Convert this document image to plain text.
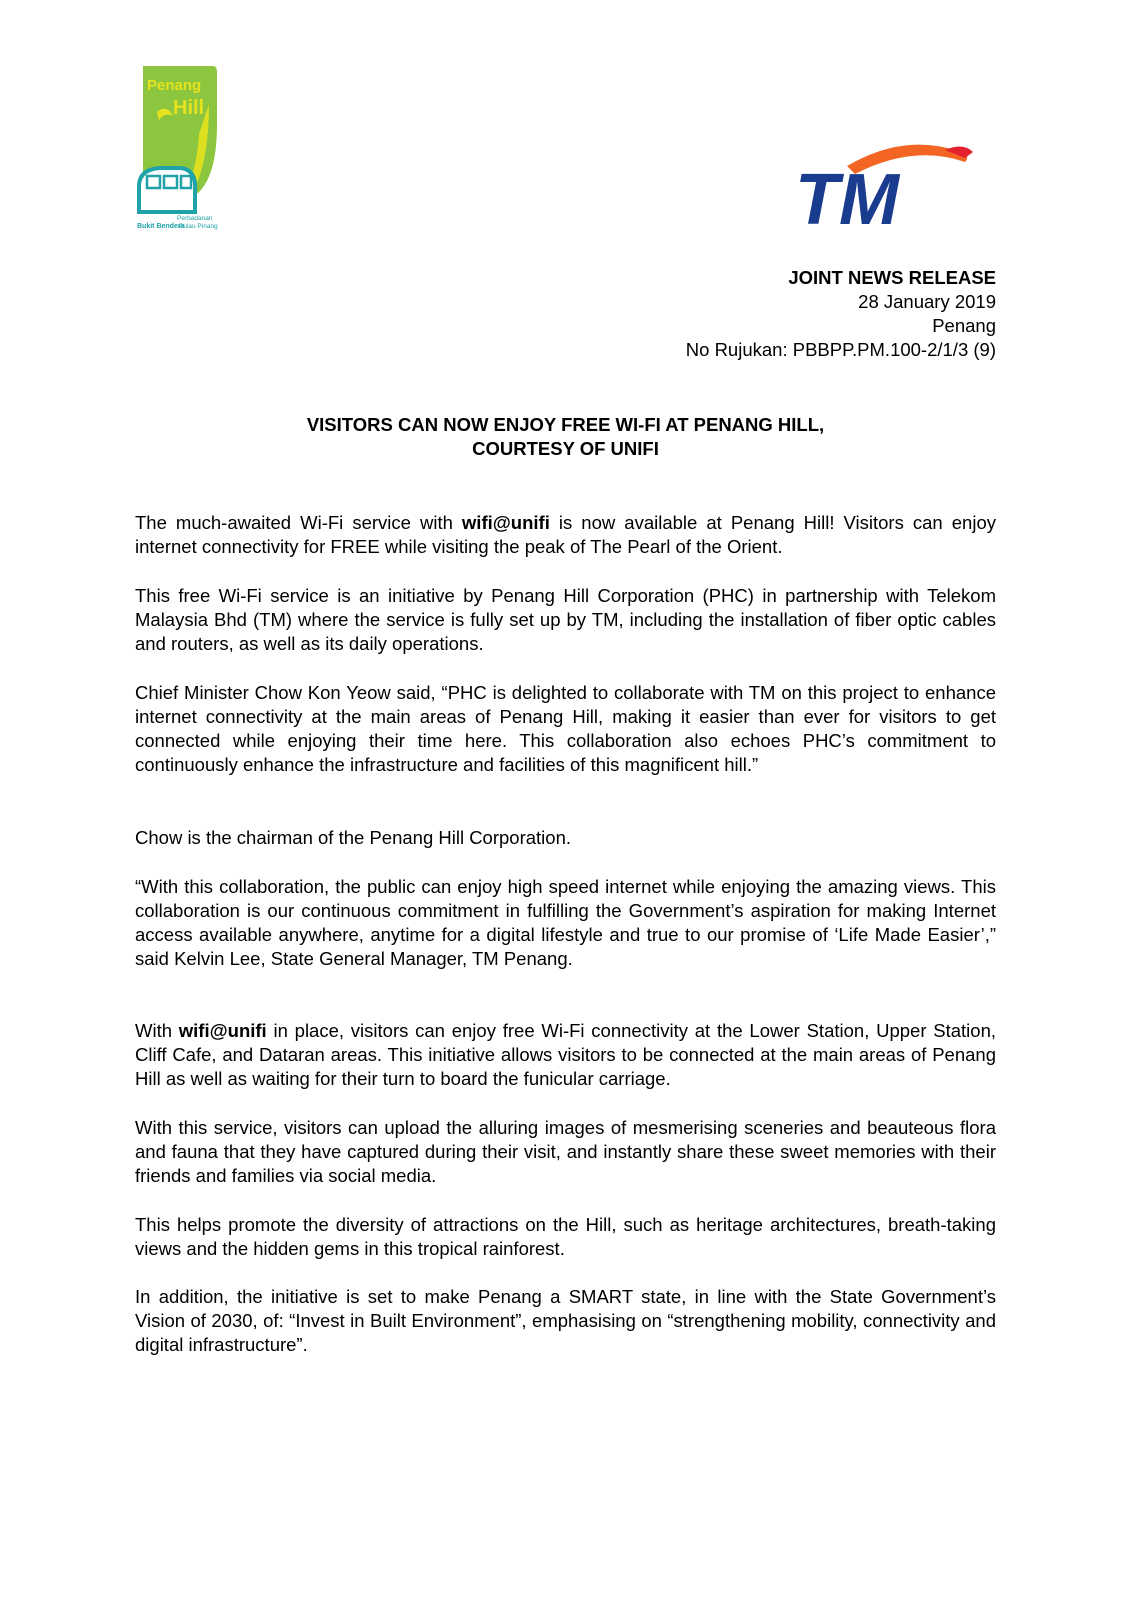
Penang
Hill
Perbadanan
Bukit Bendera
Pulau Pinang	TM
JOINT NEWS RELEASE
28 January 2019
Penang
No Rujukan: PBBPP.PM.100-2/1/3 (9)
VISITORS CAN NOW ENJOY FREE WI-FI AT PENANG HILL,
COURTESY OF UNIFI

The much-awaited Wi-Fi service with wifi@unifi is now available at Penang Hill! Visitors can enjoy internet connectivity for FREE while visiting the peak of The Pearl of the Orient.

This free Wi-Fi service is an initiative by Penang Hill Corporation (PHC) in partnership with Telekom Malaysia Bhd (TM) where the service is fully set up by TM, including the installation of fiber optic cables and routers, as well as its daily operations.

Chief Minister Chow Kon Yeow said, “PHC is delighted to collaborate with TM on this project to enhance internet connectivity at the main areas of Penang Hill, making it easier than ever for visitors to get connected while enjoying their time here. This collaboration also echoes PHC’s commitment to continuously enhance the infrastructure and facilities of this magnificent hill.”

Chow is the chairman of the Penang Hill Corporation.

“With this collaboration, the public can enjoy high speed internet while enjoying the amazing views. This collaboration is our continuous commitment in fulfilling the Government’s aspiration for making Internet access available anywhere, anytime for a digital lifestyle and true to our promise of ‘Life Made Easier’,” said Kelvin Lee, State General Manager, TM Penang.

With wifi@unifi in place, visitors can enjoy free Wi-Fi connectivity at the Lower Station, Upper Station, Cliff Cafe, and Dataran areas. This initiative allows visitors to be connected at the main areas of Penang Hill as well as waiting for their turn to board the funicular carriage.

With this service, visitors can upload the alluring images of mesmerising sceneries and beauteous flora and fauna that they have captured during their visit, and instantly share these sweet memories with their friends and families via social media.

This helps promote the diversity of attractions on the Hill, such as heritage architectures, breath-taking views and the hidden gems in this tropical rainforest.

In addition, the initiative is set to make Penang a SMART state, in line with the State Government’s Vision of 2030, of: “Invest in Built Environment”, emphasising on “strengthening mobility, connectivity and digital infrastructure”.
